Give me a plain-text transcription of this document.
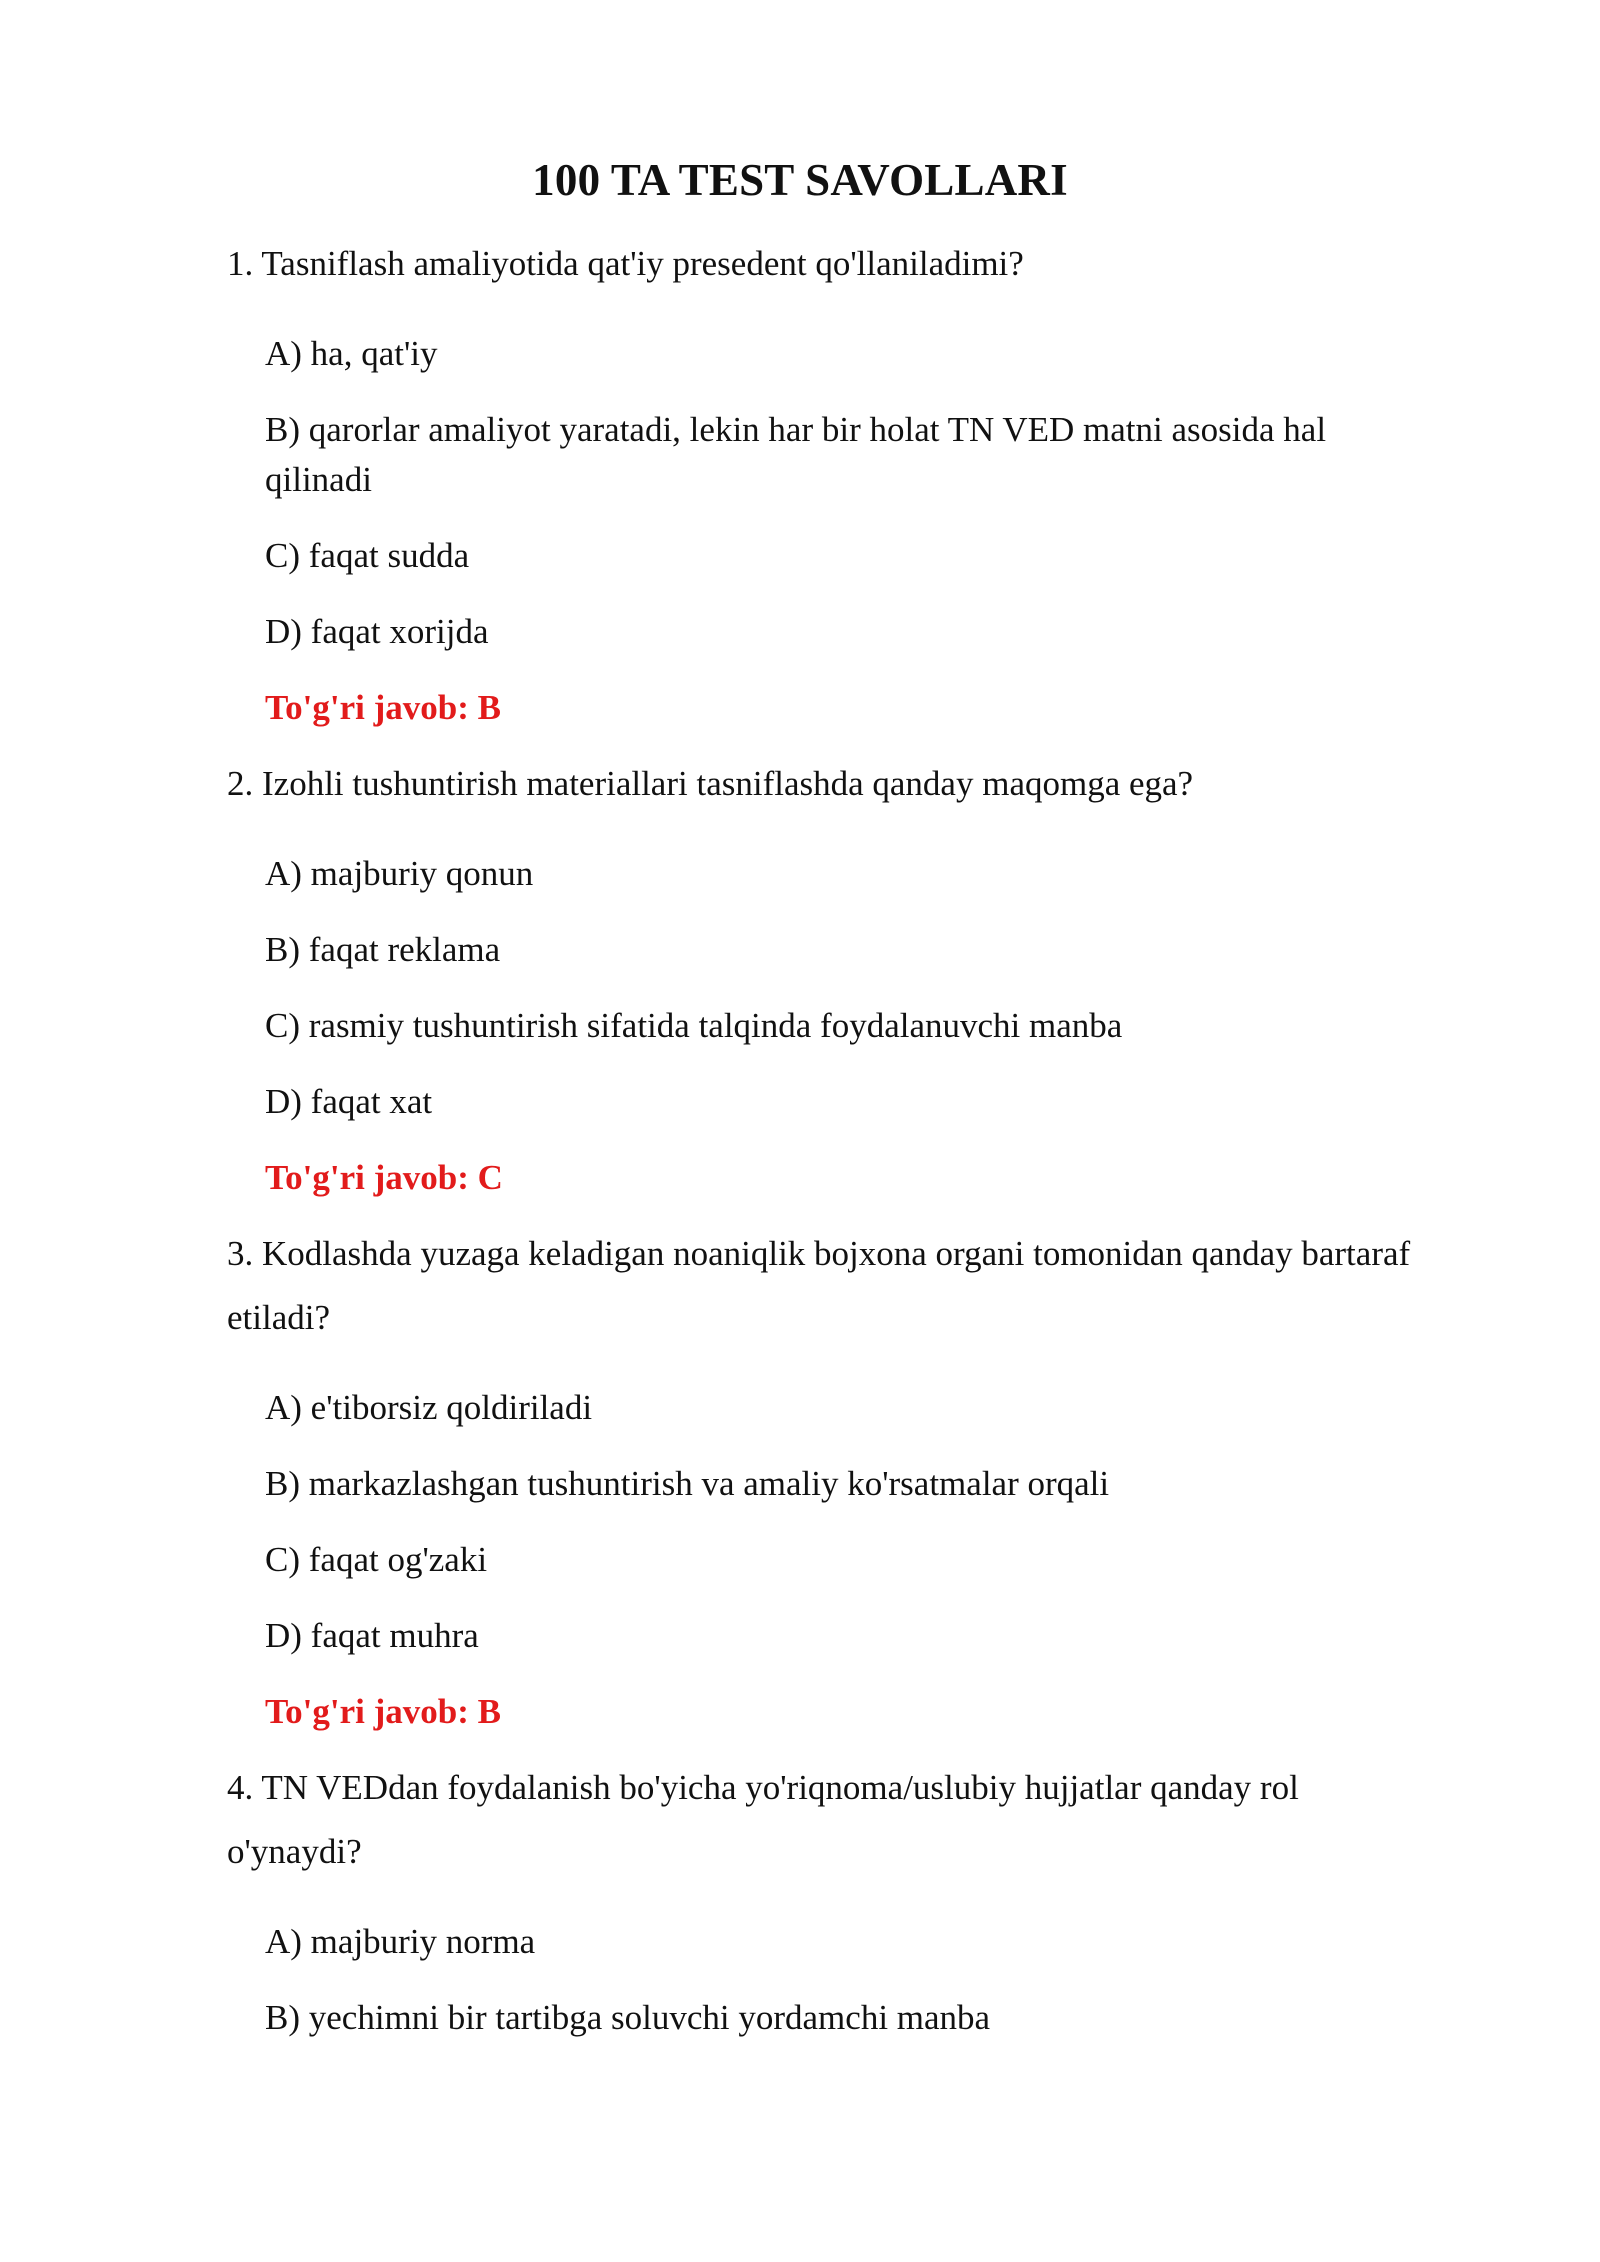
100 TA TEST SAVOLLARI
1. Tasniflash amaliyotida qat'iy presedent qo'llaniladimi?
A) ha, qat'iy
B) qarorlar amaliyot yaratadi, lekin har bir holat TN VED matni asosida hal qilinadi
C) faqat sudda
D) faqat xorijda
To'g'ri javob: B
2. Izohli tushuntirish materiallari tasniflashda qanday maqomga ega?
A) majburiy qonun
B) faqat reklama
C) rasmiy tushuntirish sifatida talqinda foydalanuvchi manba
D) faqat xat
To'g'ri javob: C
3. Kodlashda yuzaga keladigan noaniqlik bojxona organi tomonidan qanday bartaraf etiladi?
A) e'tiborsiz qoldiriladi
B) markazlashgan tushuntirish va amaliy ko'rsatmalar orqali
C) faqat og'zaki
D) faqat muhra
To'g'ri javob: B
4. TN VEDdan foydalanish bo'yicha yo'riqnoma/uslubiy hujjatlar qanday rol o'ynaydi?
A) majburiy norma
B) yechimni bir tartibga soluvchi yordamchi manba
